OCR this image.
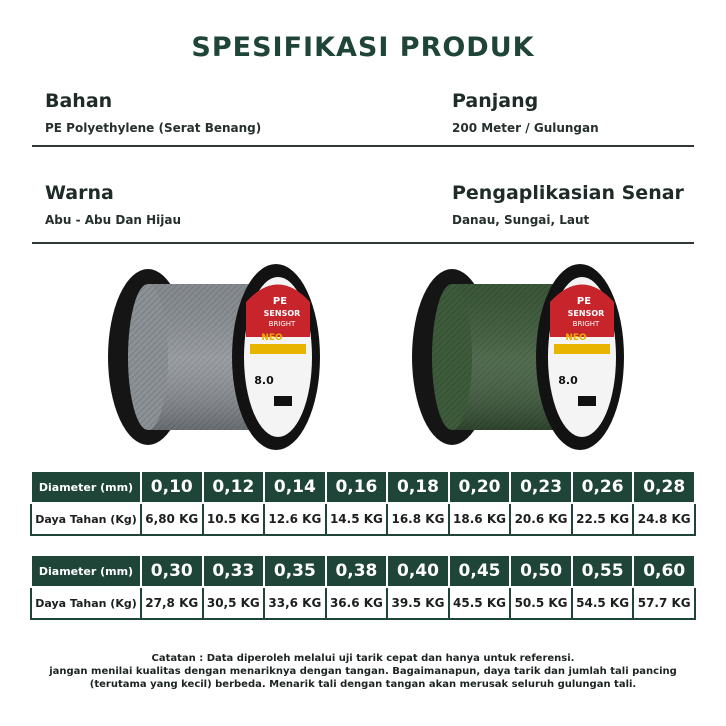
SPESIFIKASI PRODUK
Bahan
PE Polyethylene (Serat Benang)
Panjang
200 Meter / Gulungan
Warna
Abu - Abu Dan Hijau
Pengaplikasian Senar
Danau, Sungai, Laut
PE
SENSOR
BRIGHT
NEO
8.0
PE
SENSOR
BRIGHT
NEO
8.0
Diameter (mm)	0,10	0,12	0,14	0,16	0,18	0,20	0,23	0,26	0,28
Daya Tahan (Kg)	6,80 KG	10.5 KG	12.6 KG	14.5 KG	16.8 KG	18.6 KG	20.6 KG	22.5 KG	24.8 KG
Diameter (mm)	0,30	0,33	0,35	0,38	0,40	0,45	0,50	0,55	0,60
Daya Tahan (Kg)	27,8 KG	30,5 KG	33,6 KG	36.6 KG	39.5 KG	45.5 KG	50.5 KG	54.5 KG	57.7 KG
Catatan : Data diperoleh melalui uji tarik cepat dan hanya untuk referensi.
jangan menilai kualitas dengan menariknya dengan tangan. Bagaimanapun, daya tarik dan jumlah tali pancing
(terutama yang kecil) berbeda. Menarik tali dengan tangan akan merusak seluruh gulungan tali.
